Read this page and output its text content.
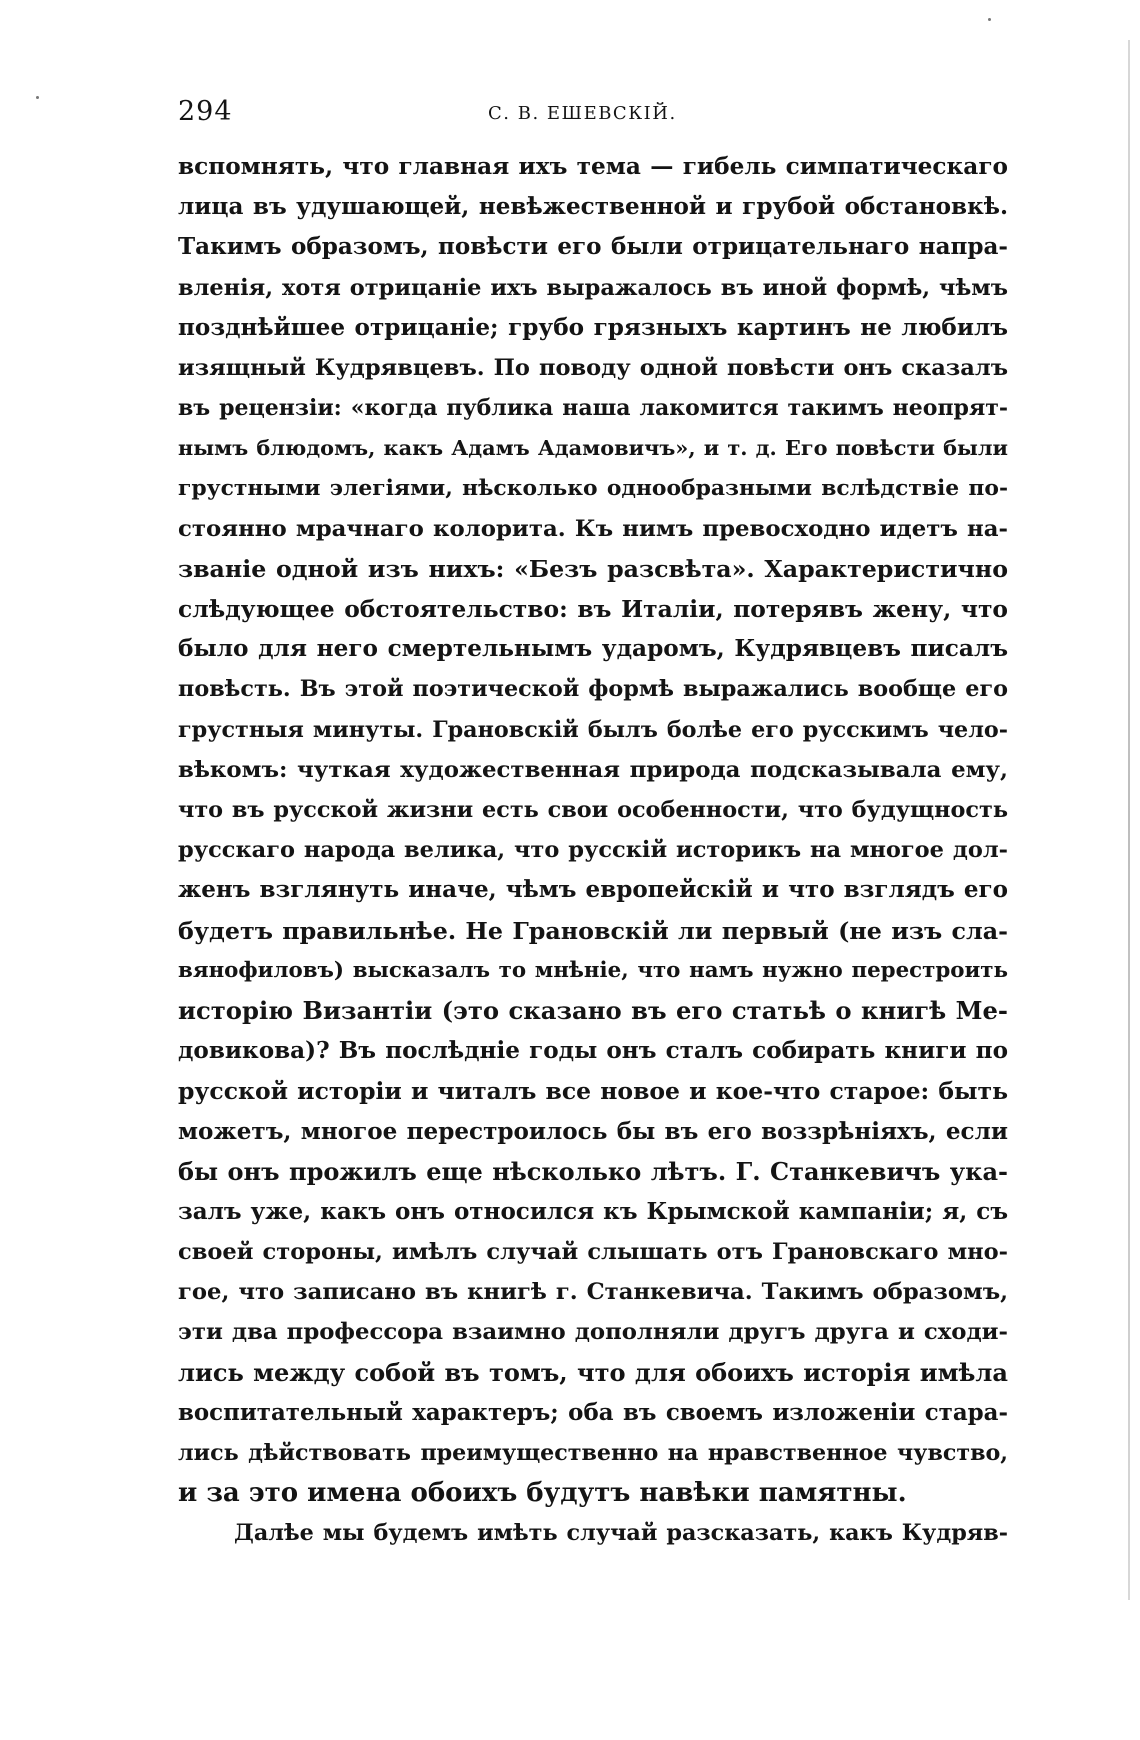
294	С. В. ЕШЕВСКІЙ.
вспомнять, что главная ихъ тема — гибель симпатическаго
лица въ удушающей, невѣжественной и грубой обстановкѣ.
Такимъ образомъ, повѣсти его были отрицательнаго напра-
вленія, хотя отрицаніе ихъ выражалось въ иной формѣ, чѣмъ
позднѣйшее отрицаніе; грубо грязныхъ картинъ не любилъ
изящный Кудрявцевъ. По поводу одной повѣсти онъ сказалъ
въ рецензіи: «когда публика наша лакомится такимъ неопрят-
нымъ блюдомъ, какъ Адамъ Адамовичъ», и т. д. Его повѣсти были
грустными элегіями, нѣсколько однообразными вслѣдствіе по-
стоянно мрачнаго колорита. Къ нимъ превосходно идетъ на-
званіе одной изъ нихъ: «Безъ разсвѣта». Характеристично
слѣдующее обстоятельство: въ Италіи, потерявъ жену, что
было для него смертельнымъ ударомъ, Кудрявцевъ писалъ
повѣсть. Въ этой поэтической формѣ выражались вообще его
грустныя минуты. Грановскій былъ болѣе его русскимъ чело-
вѣкомъ: чуткая художественная природа подсказывала ему,
что въ русской жизни есть свои особенности, что будущность
русскаго народа велика, что русскій историкъ на многое дол-
женъ взглянуть иначе, чѣмъ европейскій и что взглядъ его
будетъ правильнѣе. Не Грановскій ли первый (не изъ сла-
вянофиловъ) высказалъ то мнѣніе, что намъ нужно перестроить
исторію Византіи (это сказано въ его статьѣ о книгѣ Ме-
довикова)? Въ послѣдніе годы онъ сталъ собирать книги по
русской исторіи и читалъ все новое и кое-что старое: быть
можетъ, многое перестроилось бы въ его воззрѣніяхъ, если
бы онъ прожилъ еще нѣсколько лѣтъ. Г. Станкевичъ ука-
залъ уже, какъ онъ относился къ Крымской кампаніи; я, съ
своей стороны, имѣлъ случай слышать отъ Грановскаго мно-
гое, что записано въ книгѣ г. Станкевича. Такимъ образомъ,
эти два профессора взаимно дополняли другъ друга и сходи-
лись между собой въ томъ, что для обоихъ исторія имѣла
воспитательный характеръ; оба въ своемъ изложеніи стара-
лись дѣйствовать преимущественно на нравственное чувство,
и за это имена обоихъ будутъ навѣки памятны.
Далѣе мы будемъ имѣть случай разсказать, какъ Кудряв-
